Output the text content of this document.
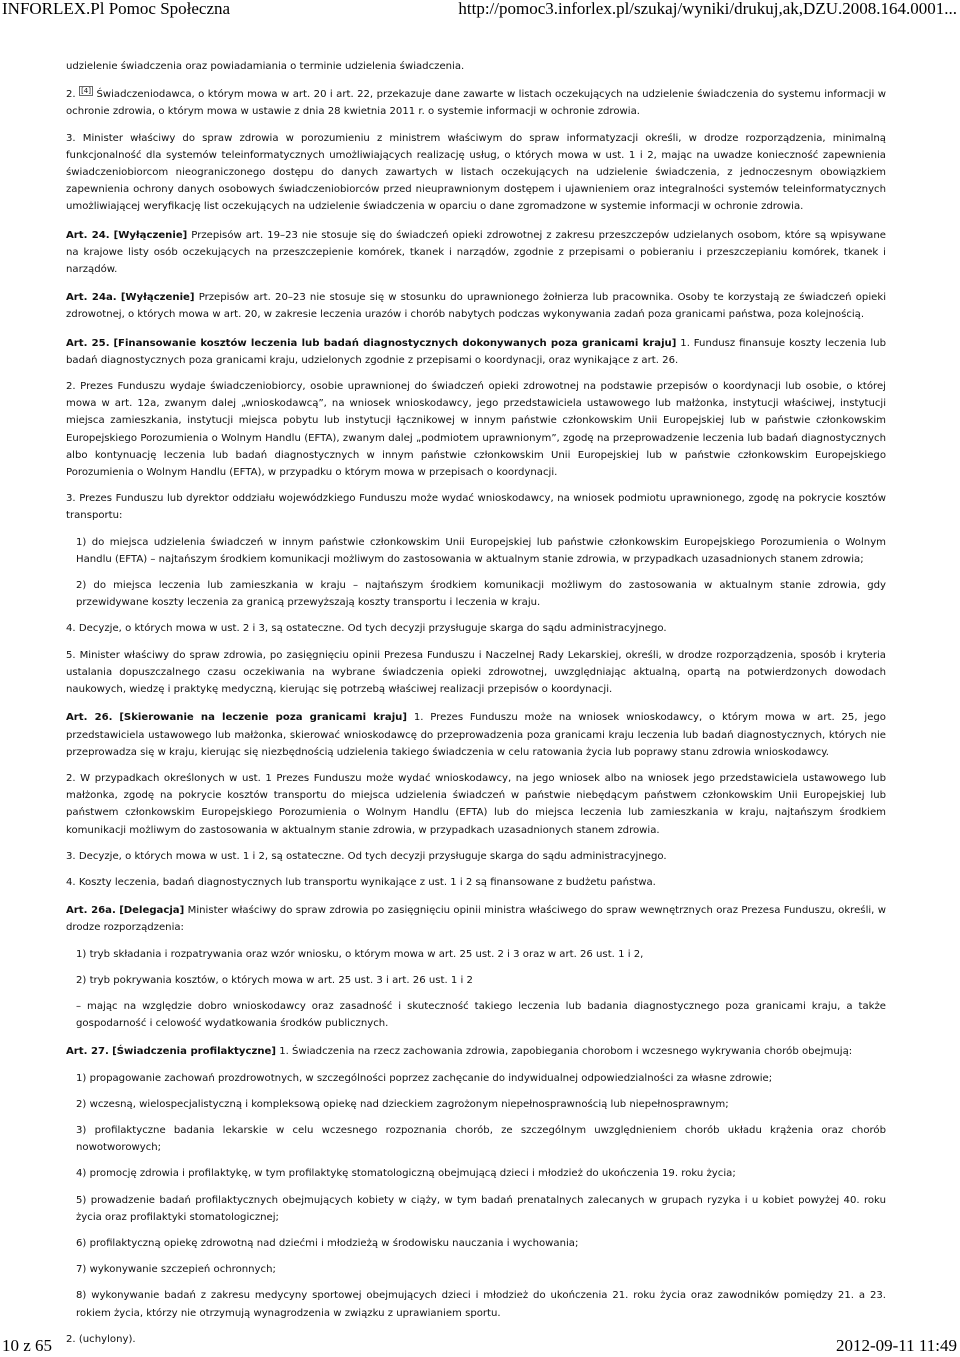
INFORLEX.Pl Pomoc Społeczna	http://pomoc3.inforlex.pl/szukaj/wyniki/drukuj,ak,DZU.2008.164.0001...

udzielenie świadczenia oraz powiadamiania o terminie udzielenia świadczenia.

2. [4] Świadczeniodawca, o którym mowa w art. 20 i art. 22, przekazuje dane zawarte w listach oczekujących na udzielenie świadczenia do systemu informacji w ochronie zdrowia, o którym mowa w ustawie z dnia 28 kwietnia 2011 r. o systemie informacji w ochronie zdrowia.

3. Minister właściwy do spraw zdrowia w porozumieniu z ministrem właściwym do spraw informatyzacji określi, w drodze rozporządzenia, minimalną funkcjonalność dla systemów teleinformatycznych umożliwiających realizację usług, o których mowa w ust. 1 i 2, mając na uwadze konieczność zapewnienia świadczeniobiorcom nieograniczonego dostępu do danych zawartych w listach oczekujących na udzielenie świadczenia, z jednoczesnym obowiązkiem zapewnienia ochrony danych osobowych świadczeniobiorców przed nieuprawnionym dostępem i ujawnieniem oraz integralności systemów teleinformatycznych umożliwiającej weryfikację list oczekujących na udzielenie świadczenia w oparciu o dane zgromadzone w systemie informacji w ochronie zdrowia.

Art. 24. [Wyłączenie] Przepisów art. 19–23 nie stosuje się do świadczeń opieki zdrowotnej z zakresu przeszczepów udzielanych osobom, które są wpisywane na krajowe listy osób oczekujących na przeszczepienie komórek, tkanek i narządów, zgodnie z przepisami o pobieraniu i przeszczepianiu komórek, tkanek i narządów.

Art. 24a. [Wyłączenie] Przepisów art. 20–23 nie stosuje się w stosunku do uprawnionego żołnierza lub pracownika. Osoby te korzystają ze świadczeń opieki zdrowotnej, o których mowa w art. 20, w zakresie leczenia urazów i chorób nabytych podczas wykonywania zadań poza granicami państwa, poza kolejnością.

Art. 25. [Finansowanie kosztów leczenia lub badań diagnostycznych dokonywanych poza granicami kraju] 1. Fundusz finansuje koszty leczenia lub badań diagnostycznych poza granicami kraju, udzielonych zgodnie z przepisami o koordynacji, oraz wynikające z art. 26.

2. Prezes Funduszu wydaje świadczeniobiorcy, osobie uprawnionej do świadczeń opieki zdrowotnej na podstawie przepisów o koordynacji lub osobie, o której mowa w art. 12a, zwanym dalej „wnioskodawcą”, na wniosek wnioskodawcy, jego przedstawiciela ustawowego lub małżonka, instytucji właściwej, instytucji miejsca zamieszkania, instytucji miejsca pobytu lub instytucji łącznikowej w innym państwie członkowskim Unii Europejskiej lub w państwie członkowskim Europejskiego Porozumienia o Wolnym Handlu (EFTA), zwanym dalej „podmiotem uprawnionym”, zgodę na przeprowadzenie leczenia lub badań diagnostycznych albo kontynuację leczenia lub badań diagnostycznych w innym państwie członkowskim Unii Europejskiej lub w państwie członkowskim Europejskiego Porozumienia o Wolnym Handlu (EFTA), w przypadku o którym mowa w przepisach o koordynacji.

3. Prezes Funduszu lub dyrektor oddziału wojewódzkiego Funduszu może wydać wnioskodawcy, na wniosek podmiotu uprawnionego, zgodę na pokrycie kosztów transportu:

1) do miejsca udzielenia świadczeń w innym państwie członkowskim Unii Europejskiej lub państwie członkowskim Europejskiego Porozumienia o Wolnym Handlu (EFTA) – najtańszym środkiem komunikacji możliwym do zastosowania w aktualnym stanie zdrowia, w przypadkach uzasadnionych stanem zdrowia;

2) do miejsca leczenia lub zamieszkania w kraju – najtańszym środkiem komunikacji możliwym do zastosowania w aktualnym stanie zdrowia, gdy przewidywane koszty leczenia za granicą przewyższają koszty transportu i leczenia w kraju.

4. Decyzje, o których mowa w ust. 2 i 3, są ostateczne. Od tych decyzji przysługuje skarga do sądu administracyjnego.

5. Minister właściwy do spraw zdrowia, po zasięgnięciu opinii Prezesa Funduszu i Naczelnej Rady Lekarskiej, określi, w drodze rozporządzenia, sposób i kryteria ustalania dopuszczalnego czasu oczekiwania na wybrane świadczenia opieki zdrowotnej, uwzględniając aktualną, opartą na potwierdzonych dowodach naukowych, wiedzę i praktykę medyczną, kierując się potrzebą właściwej realizacji przepisów o koordynacji.

Art. 26. [Skierowanie na leczenie poza granicami kraju] 1. Prezes Funduszu może na wniosek wnioskodawcy, o którym mowa w art. 25, jego przedstawiciela ustawowego lub małżonka, skierować wnioskodawcę do przeprowadzenia poza granicami kraju leczenia lub badań diagnostycznych, których nie przeprowadza się w kraju, kierując się niezbędnością udzielenia takiego świadczenia w celu ratowania życia lub poprawy stanu zdrowia wnioskodawcy.

2. W przypadkach określonych w ust. 1 Prezes Funduszu może wydać wnioskodawcy, na jego wniosek albo na wniosek jego przedstawiciela ustawowego lub małżonka, zgodę na pokrycie kosztów transportu do miejsca udzielenia świadczeń w państwie niebędącym państwem członkowskim Unii Europejskiej lub państwem członkowskim Europejskiego Porozumienia o Wolnym Handlu (EFTA) lub do miejsca leczenia lub zamieszkania w kraju, najtańszym środkiem komunikacji możliwym do zastosowania w aktualnym stanie zdrowia, w przypadkach uzasadnionych stanem zdrowia.

3. Decyzje, o których mowa w ust. 1 i 2, są ostateczne. Od tych decyzji przysługuje skarga do sądu administracyjnego.

4. Koszty leczenia, badań diagnostycznych lub transportu wynikające z ust. 1 i 2 są finansowane z budżetu państwa.

Art. 26a. [Delegacja] Minister właściwy do spraw zdrowia po zasięgnięciu opinii ministra właściwego do spraw wewnętrznych oraz Prezesa Funduszu, określi, w drodze rozporządzenia:

1) tryb składania i rozpatrywania oraz wzór wniosku, o którym mowa w art. 25 ust. 2 i 3 oraz w art. 26 ust. 1 i 2,

2) tryb pokrywania kosztów, o których mowa w art. 25 ust. 3 i art. 26 ust. 1 i 2

– mając na względzie dobro wnioskodawcy oraz zasadność i skuteczność takiego leczenia lub badania diagnostycznego poza granicami kraju, a także gospodarność i celowość wydatkowania środków publicznych.

Art. 27. [Świadczenia profilaktyczne] 1. Świadczenia na rzecz zachowania zdrowia, zapobiegania chorobom i wczesnego wykrywania chorób obejmują:

1) propagowanie zachowań prozdrowotnych, w szczególności poprzez zachęcanie do indywidualnej odpowiedzialności za własne zdrowie;

2) wczesną, wielospecjalistyczną i kompleksową opiekę nad dzieckiem zagrożonym niepełnosprawnością lub niepełnosprawnym;

3) profilaktyczne badania lekarskie w celu wczesnego rozpoznania chorób, ze szczególnym uwzględnieniem chorób układu krążenia oraz chorób nowotworowych;

4) promocję zdrowia i profilaktykę, w tym profilaktykę stomatologiczną obejmującą dzieci i młodzież do ukończenia 19. roku życia;

5) prowadzenie badań profilaktycznych obejmujących kobiety w ciąży, w tym badań prenatalnych zalecanych w grupach ryzyka i u kobiet powyżej 40. roku życia oraz profilaktyki stomatologicznej;

6) profilaktyczną opiekę zdrowotną nad dziećmi i młodzieżą w środowisku nauczania i wychowania;

7) wykonywanie szczepień ochronnych;

8) wykonywanie badań z zakresu medycyny sportowej obejmujących dzieci i młodzież do ukończenia 21. roku życia oraz zawodników pomiędzy 21. a 23. rokiem życia, którzy nie otrzymują wynagrodzenia w związku z uprawianiem sportu.

2. (uchylony).

10 z 65	2012-09-11 11:49
